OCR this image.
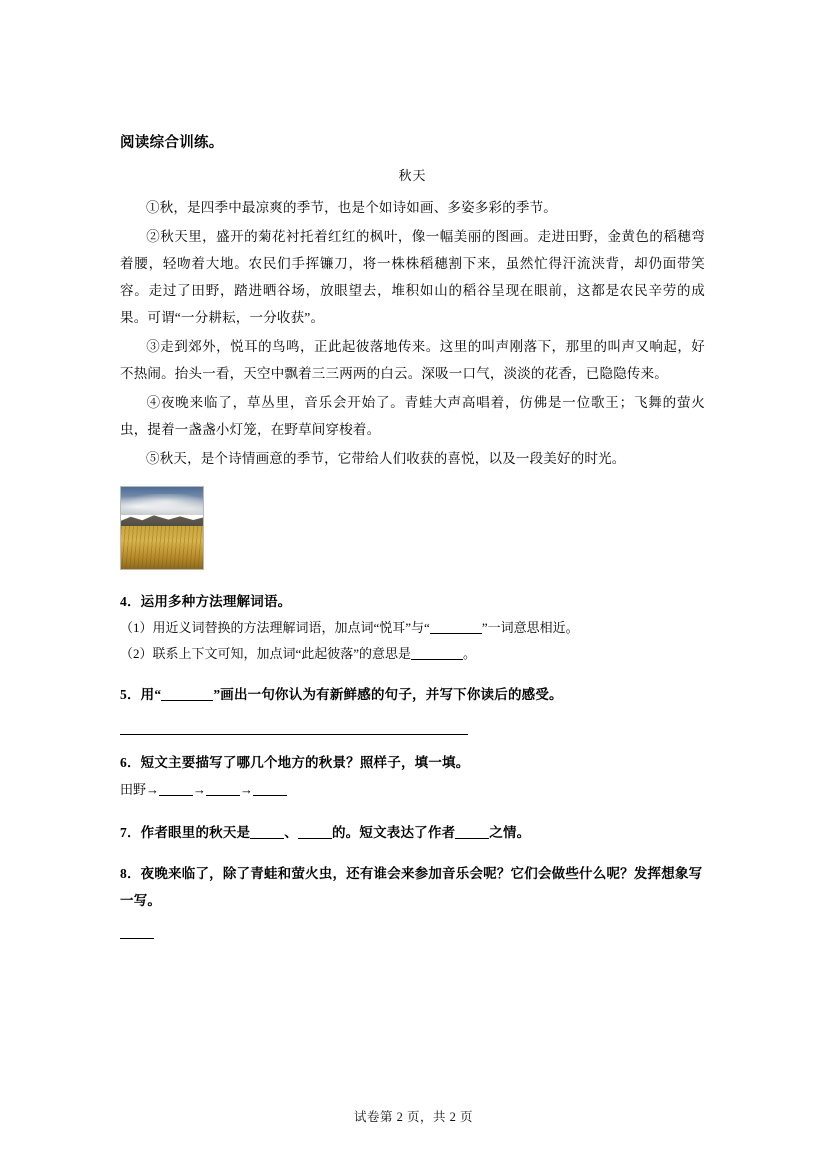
阅读综合训练。

秋天

①秋，是四季中最凉爽的季节，也是个如诗如画、多姿多彩的季节。

②秋天里，盛开的菊花衬托着红红的枫叶，像一幅美丽的图画。走进田野，金黄色的稻穗弯着腰，轻吻着大地。农民们手挥镰刀，将一株株稻穗割下来，虽然忙得汗流浃背，却仍面带笑容。走过了田野，踏进晒谷场，放眼望去，堆积如山的稻谷呈现在眼前，这都是农民辛劳的成果。可谓“一分耕耘，一分收获”。

③走到郊外，悦耳的鸟鸣，正此起彼落地传来。这里的叫声刚落下，那里的叫声又响起，好不热闹。抬头一看，天空中飘着三三两两的白云。深吸一口气，淡淡的花香，已隐隐传来。

④夜晚来临了，草丛里，音乐会开始了。青蛙大声高唱着，仿佛是一位歌王；飞舞的萤火虫，提着一盏盏小灯笼，在野草间穿梭着。

⑤秋天，是个诗情画意的季节，它带给人们收获的喜悦，以及一段美好的时光。

4．运用多种方法理解词语。

（1）用近义词替换的方法理解词语，加点词“悦耳”与“	”一词意思相近。

（2）联系上下文可知，加点词“此起彼落”的意思是	。

5．用“	”画出一句你认为有新鲜感的句子，并写下你读后的感受。

6．短文主要描写了哪几个地方的秋景？照样子，填一填。

田野→	→	→

7．作者眼里的秋天是	、	的。短文表达了作者	之情。

8．夜晚来临了，除了青蛙和萤火虫，还有谁会来参加音乐会呢？它们会做些什么呢？发挥想象写一写。

试卷第 2 页，共 2 页
